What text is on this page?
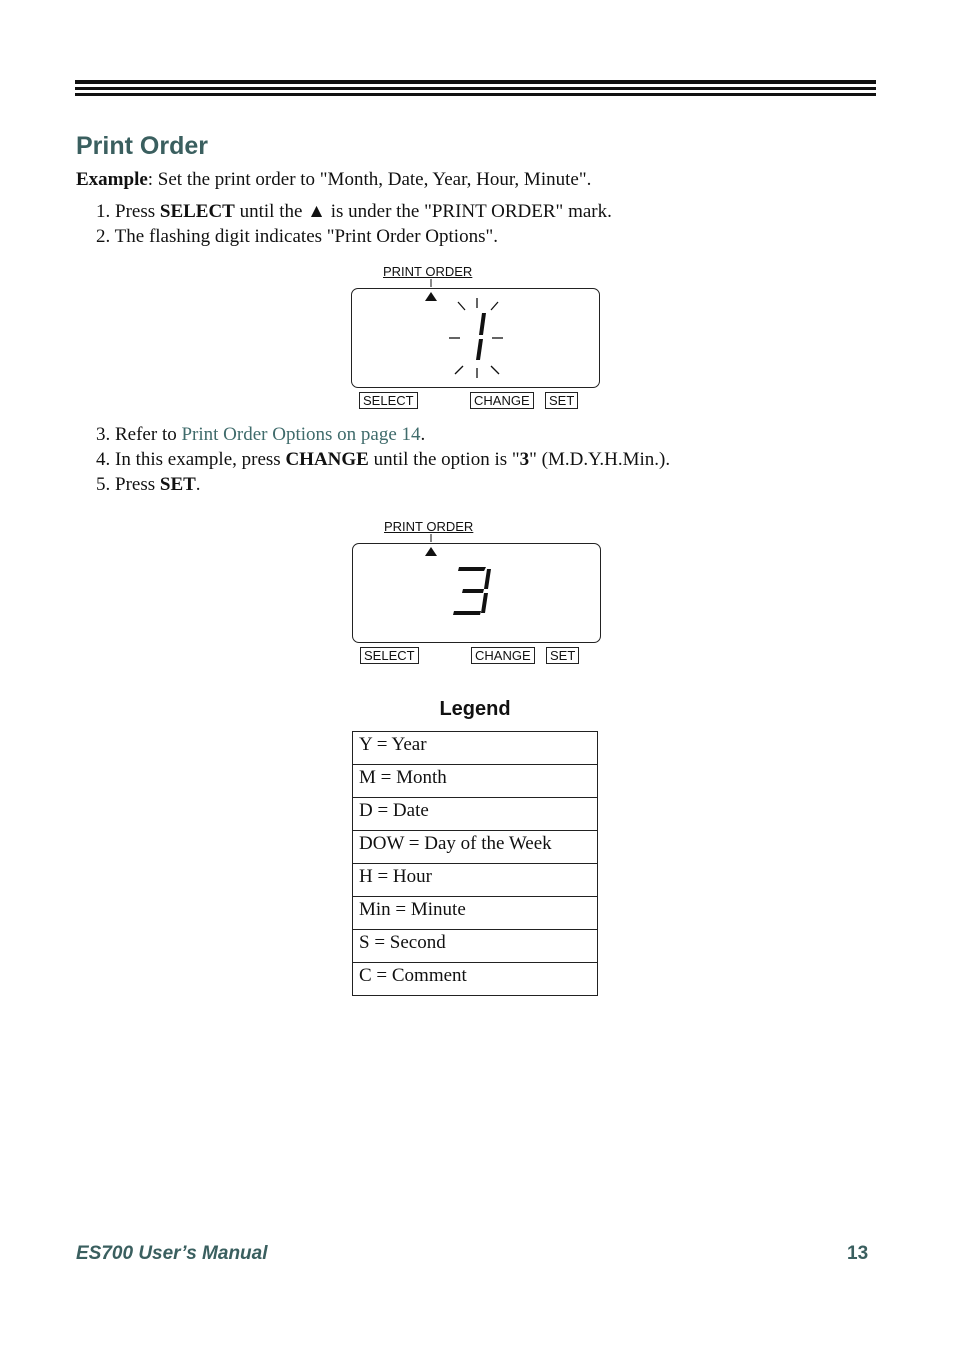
Print Order
Example: Set the print order to "Month, Date, Year, Hour, Minute".
1. Press SELECT until the ▲ is under the "PRINT ORDER" mark.
2. The flashing digit indicates "Print Order Options".
PRINT ORDER
SELECT	CHANGE	SET
3. Refer to Print Order Options on page 14.
4. In this example, press CHANGE until the option is "3" (M.D.Y.H.Min.).
5. Press SET.
PRINT ORDER
SELECT	CHANGE	SET
Legend
Y = Year
M = Month
D = Date
DOW = Day of the Week
H = Hour
Min = Minute
S = Second
C = Comment
ES700 User’s Manual	13
